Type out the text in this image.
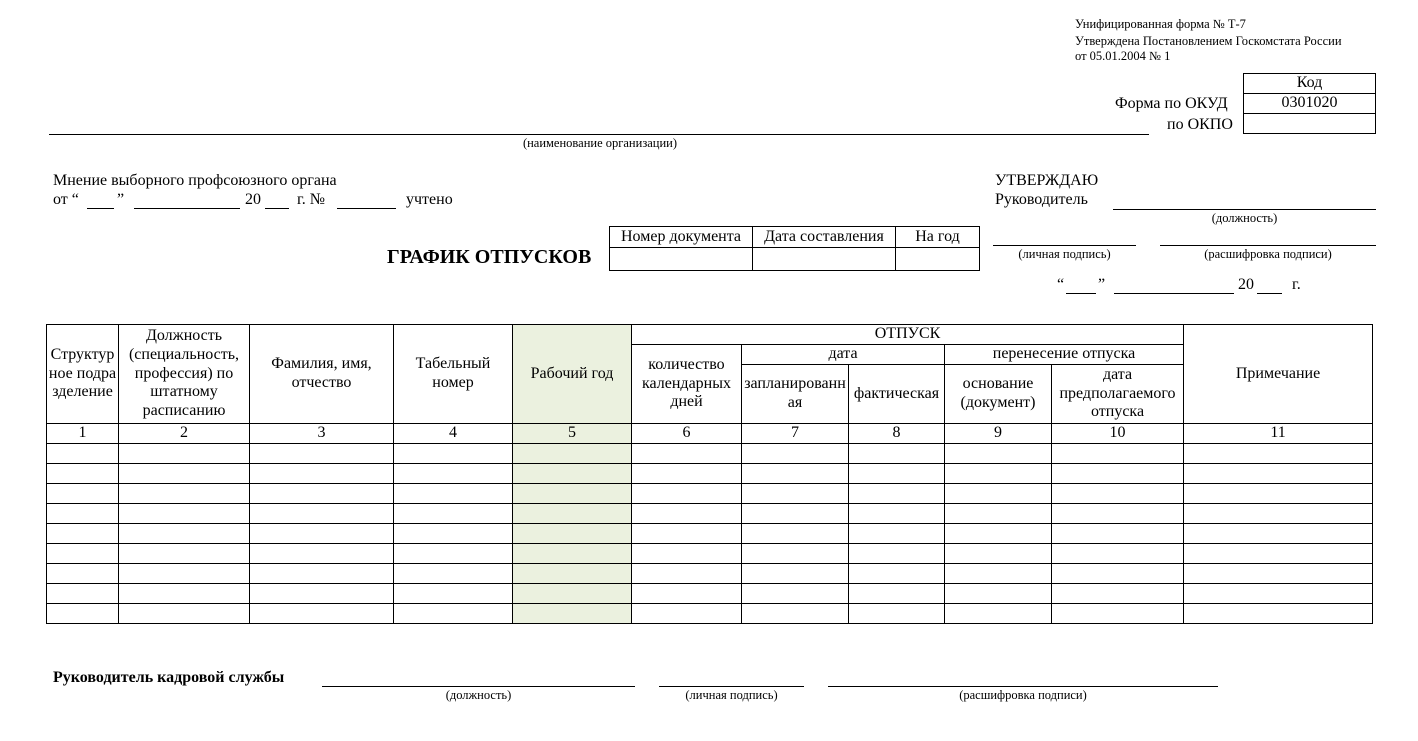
Унифицированная форма № Т-7
Утверждена Постановлением Госкомстата России
от 05.01.2004 № 1
Код
0301020

Форма по ОКУД
по ОКПО
(наименование организации)
Мнение выборного профсоюзного органа
от “ ”	20 г. №	учтено
УТВЕРЖДАЮ
Руководитель
(должность)
(личная подпись)	(расшифровка подписи)
“ ”	20 г.
ГРАФИК ОТПУСКОВ
Номер документа	Дата составления	На год

Структурное подразделение	Должность (специальность, профессия) по штатному расписанию	Фамилия, имя, отчество	Табельный номер	Рабочий год	ОТПУСК					Примечание
					количество календарных дней	дата		перенесение отпуска		
						запланированная	фактическая	основание (документ)	дата предполагаемого отпуска	
1	2	3	4	5	6	7	8	9	10	11

Руководитель кадровой службы
(должность)	(личная подпись)	(расшифровка подписи)
